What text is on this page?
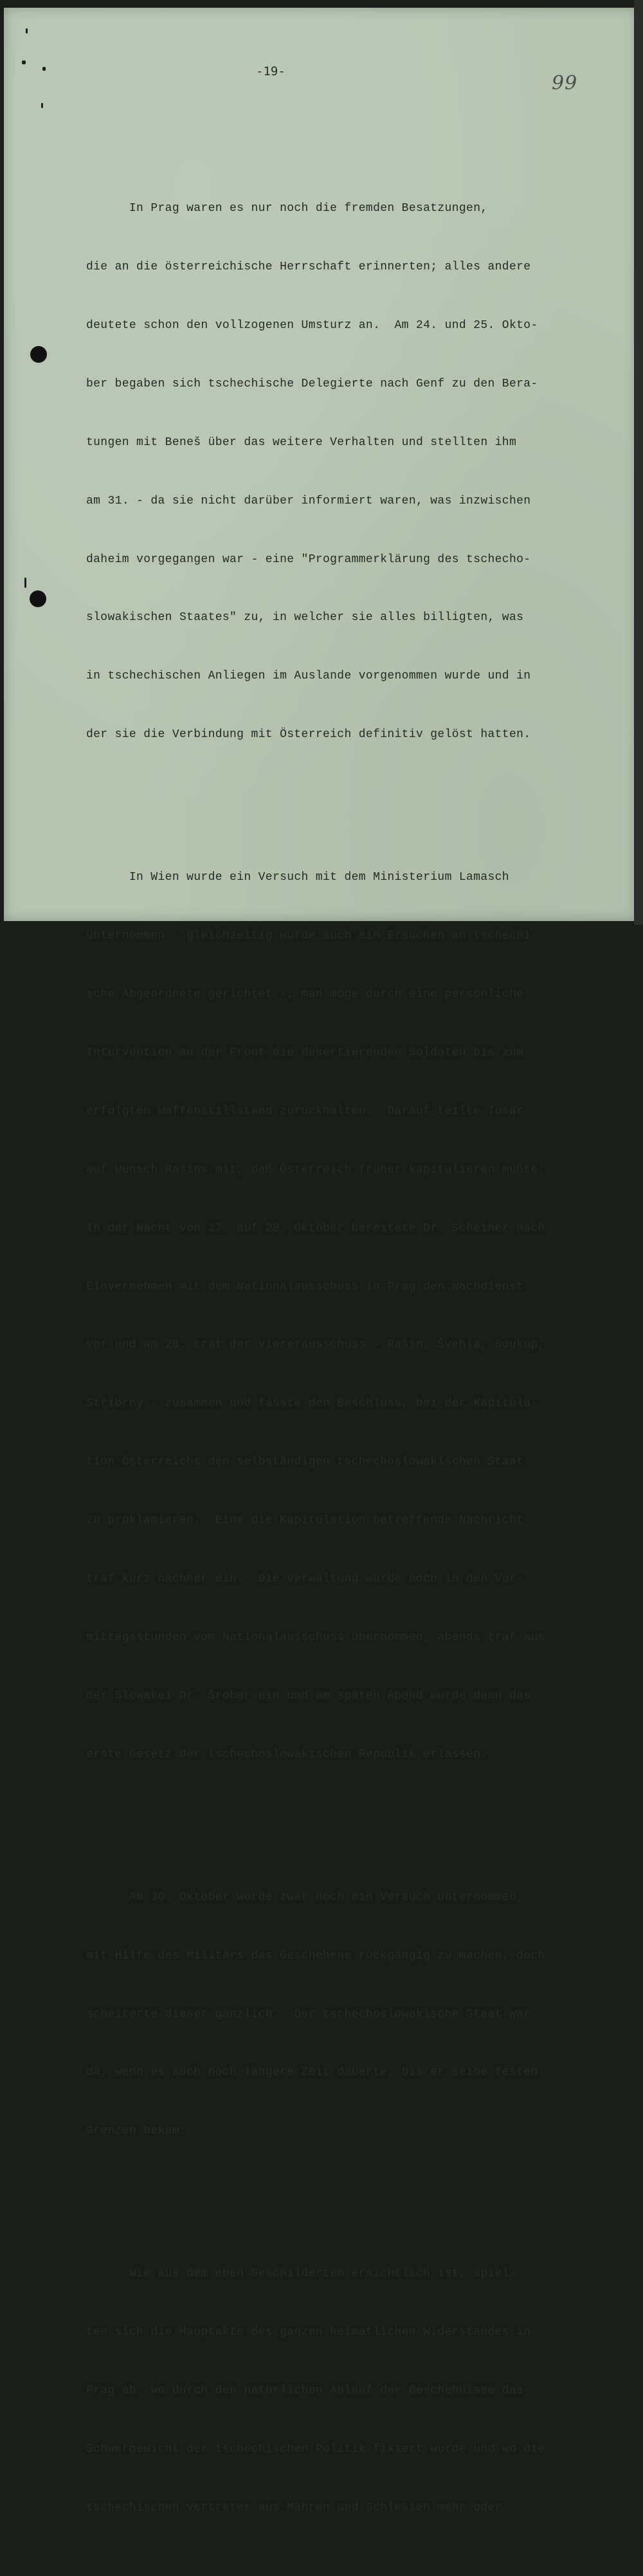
-19-
99

In Prag waren es nur noch die fremden Besatzungen,

die an die österreichische Herrschaft erinnerten; alles andere

deutete schon den vollzogenen Umsturz an.  Am 24. und 25. Okto-

ber begaben sich tschechische Delegierte nach Genf zu den Bera-

tungen mit Beneš über das weitere Verhalten und stellten ihm

am 31. - da sie nicht darüber informiert waren, was inzwischen

daheim vorgegangen war - eine "Programmerklärung des tschecho-

slowakischen Staates" zu, in welcher sie alles billigten, was

in tschechischen Anliegen im Auslande vorgenommen wurde und in

der sie die Verbindung mit Österreich definitiv gelöst hatten.

In Wien wurde ein Versuch mit dem Ministerium Lamasch

unternommen - gleichzeitig wurde auch ein Ersuchen an tschechi-

sche Abgeordnete gerichtet -, man möge durch eine persönliche

Intervention an der Front die desertierenden Soldaten bis zum

erfolgten Waffenstillstand zurückhalten.  Darauf teilte Tusar

auf Wunsch Rašíns mit, daß Österreich früher kapitulieren müßte.

In der Nacht von 27. auf 28. Oktober bereitete Dr. Scheiner nach

Einvernehmen mit dem Nationalausschuss in Prag den Wachdienst

vor und am 28. trat der Viererausschuss - Rašín, Švehla, Soukup,

Stříbrny - zusammen und fasste den Beschluss, bei der Kapitula-

tion Österreichs den selbständigen tschechoslowakischen Staat

zu proklamieren.  Eine die Kapitulation betreffende Nachricht

traf kurz nachher ein.  Die Verwaltung wurde noch in den Vor-

mittagsstunden vom Nationalausschuss übernommen, abends traf aus

der Slowakei Dr. Šrobar ein und am späten Abend wurde dann das

erste Gesetz der tschechoslowakischen Republik erlassen.

Am 30. Oktober wurde zwar noch ein Versuch unternommen,

mit Hilfe des Militärs das Geschehene rückgängig zu machen, doch

scheiterte dieser gänzlich.  Der tschechoslowakische Staat war

da, wenn es auch noch längere Zeit dauerte, bis er seine festen

Grenzen bekam.

Wie aus dem eben Geschilderten ersichtlich ist, spiel-

ten sich die Hauptakte des ganzen heimatlichen Widerstandes in

Prag ab, wo durch den natürlichen Ablauf der Geschehnisse das

Schwergewicht der tschechischen Politik fixiert wurde und wo die

tschechischen Vertreter aus Mähren und Schlesien mehr oder
